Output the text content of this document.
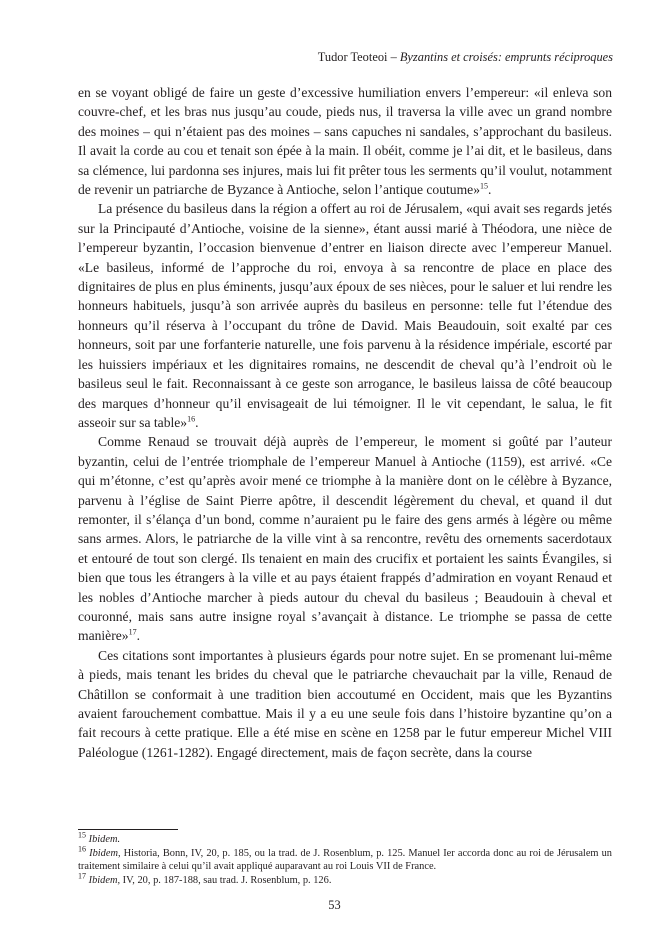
Tudor Teoteoi – Byzantins et croisés: emprunts réciproques

en se voyant obligé de faire un geste d’excessive humiliation envers l’empereur: «il enleva son couvre-chef, et les bras nus jusqu’au coude, pieds nus, il traversa la ville avec un grand nombre des moines – qui n’étaient pas des moines – sans capuches ni sandales, s’approchant du basileus. Il avait la corde au cou et tenait son épée à la main. Il obéit, comme je l’ai dit, et le basileus, dans sa clémence, lui pardonna ses injures, mais lui fit prêter tous les serments qu’il voulut, notamment de revenir un patriarche de Byzance à Antioche, selon l’antique coutume»$^{15}$.

La présence du basileus dans la région a offert au roi de Jérusalem, «qui avait ses regards jetés sur la Principauté d’Antioche, voisine de la sienne», étant aussi marié à Théodora, une nièce de l’empereur byzantin, l’occasion bienvenue d’entrer en liaison directe avec l’empereur Manuel. «Le basileus, informé de l’approche du roi, envoya à sa rencontre de place en place des dignitaires de plus en plus éminents, jusqu’aux époux de ses nièces, pour le saluer et lui rendre les honneurs habituels, jusqu’à son arrivée auprès du basileus en personne: telle fut l’étendue des honneurs qu’il réserva à l’occupant du trône de David. Mais Beaudouin, soit exalté par ces honneurs, soit par une forfanterie naturelle, une fois parvenu à la résidence impériale, escorté par les huissiers impériaux et les dignitaires romains, ne descendit de cheval qu’à l’endroit où le basileus seul le fait. Reconnaissant à ce geste son arrogance, le basileus laissa de côté beaucoup des marques d’honneur qu’il envisageait de lui témoigner. Il le vit cependant, le salua, le fit asseoir sur sa table»$^{16}$.

Comme Renaud se trouvait déjà auprès de l’empereur, le moment si goûté par l’auteur byzantin, celui de l’entrée triomphale de l’empereur Manuel à Antioche (1159), est arrivé. «Ce qui m’étonne, c’est qu’après avoir mené ce triomphe à la manière dont on le célèbre à Byzance, parvenu à l’église de Saint Pierre apôtre, il descendit légèrement du cheval, et quand il dut remonter, il s’élança d’un bond, comme n’auraient pu le faire des gens armés à légère ou même sans armes. Alors, le patriarche de la ville vint à sa rencontre, revêtu des ornements sacerdotaux et entouré de tout son clergé. Ils tenaient en main des crucifix et portaient les saints Évangiles, si bien que tous les étrangers à la ville et au pays étaient frappés d’admiration en voyant Renaud et les nobles d’Antioche marcher à pieds autour du cheval du basileus ; Beaudouin à cheval et couronné, mais sans autre insigne royal s’avançait à distance. Le triomphe se passa de cette manière»$^{17}$.

Ces citations sont importantes à plusieurs égards pour notre sujet. En se promenant lui-même à pieds, mais tenant les brides du cheval que le patriarche chevauchait par la ville, Renaud de Châtillon se conformait à une tradition bien accoutumé en Occident, mais que les Byzantins avaient farouchement combattue. Mais il y a eu une seule fois dans l’histoire byzantine qu’on a fait recours à cette pratique. Elle a été mise en scène en 1258 par le futur empereur Michel VIII Paléologue (1261-1282). Engagé directement, mais de façon secrète, dans la course

$^{15}$ Ibidem.

$^{16}$ Ibidem, Historia, Bonn, IV, 20, p. 185, ou la trad. de J. Rosenblum, p. 125. Manuel Ier accorda donc au roi de Jérusalem un traitement similaire à celui qu’il avait appliqué auparavant au roi Louis VII de France.

$^{17}$ Ibidem, IV, 20, p. 187-188, sau trad. J. Rosenblum, p. 126.

53
